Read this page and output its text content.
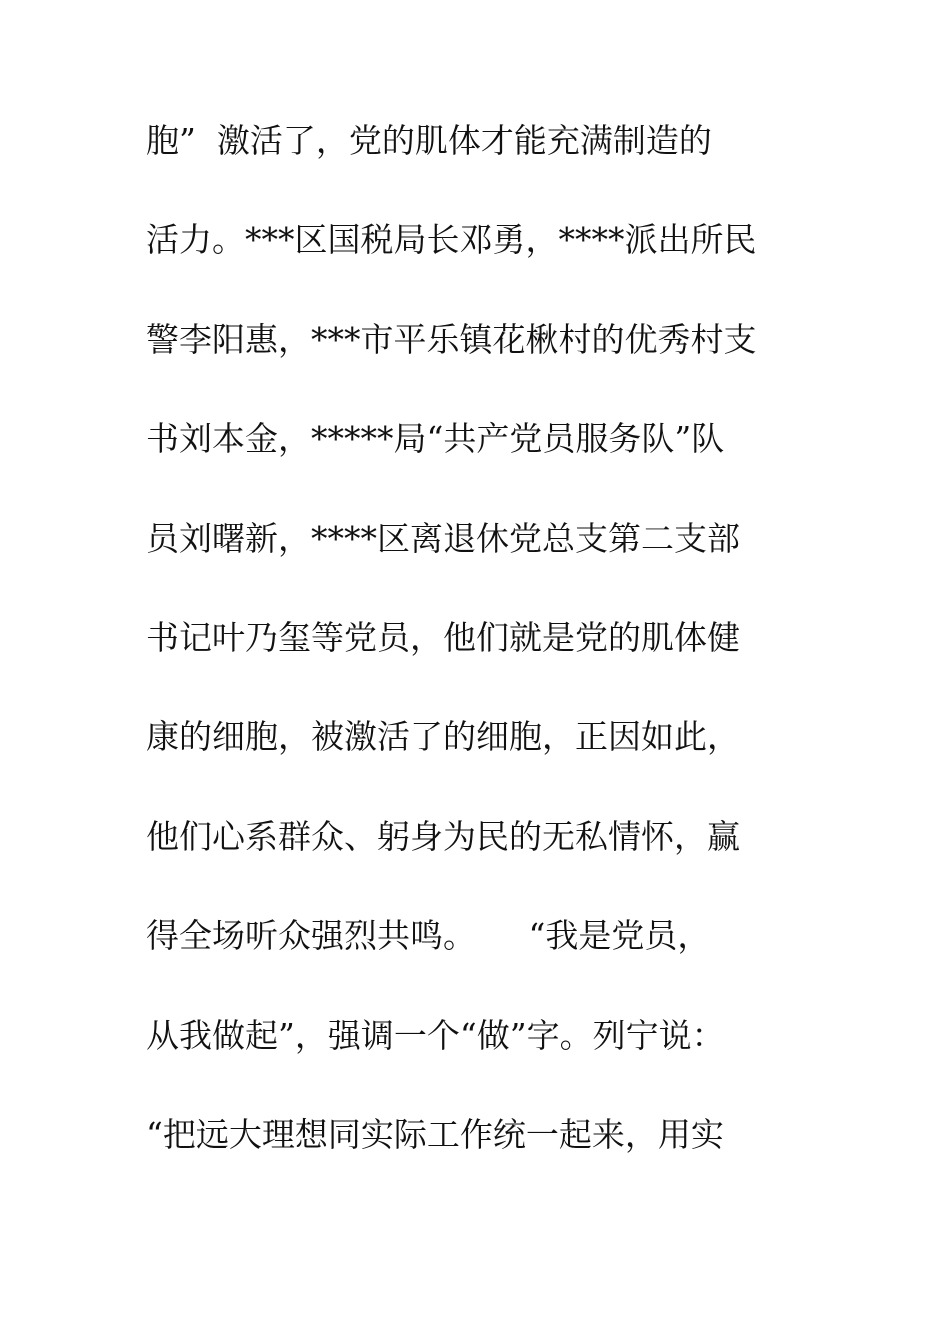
胞”  激活了，党的肌体才能充满制造的
活力。***区国税局长邓勇，****派出所民
警李阳惠，***市平乐镇花楸村的优秀村支
书刘本金，*****局“共产党员服务队”队
员刘曙新，****区离退休党总支第二支部
书记叶乃玺等党员，他们就是党的肌体健
康的细胞，被激活了的细胞，正因如此，
他们心系群众、躬身为民的无私情怀，赢
得全场听众强烈共鸣。     “我是党员，
从我做起”，强调一个“做”字。列宁说：
“把远大理想同实际工作统一起来，用实
